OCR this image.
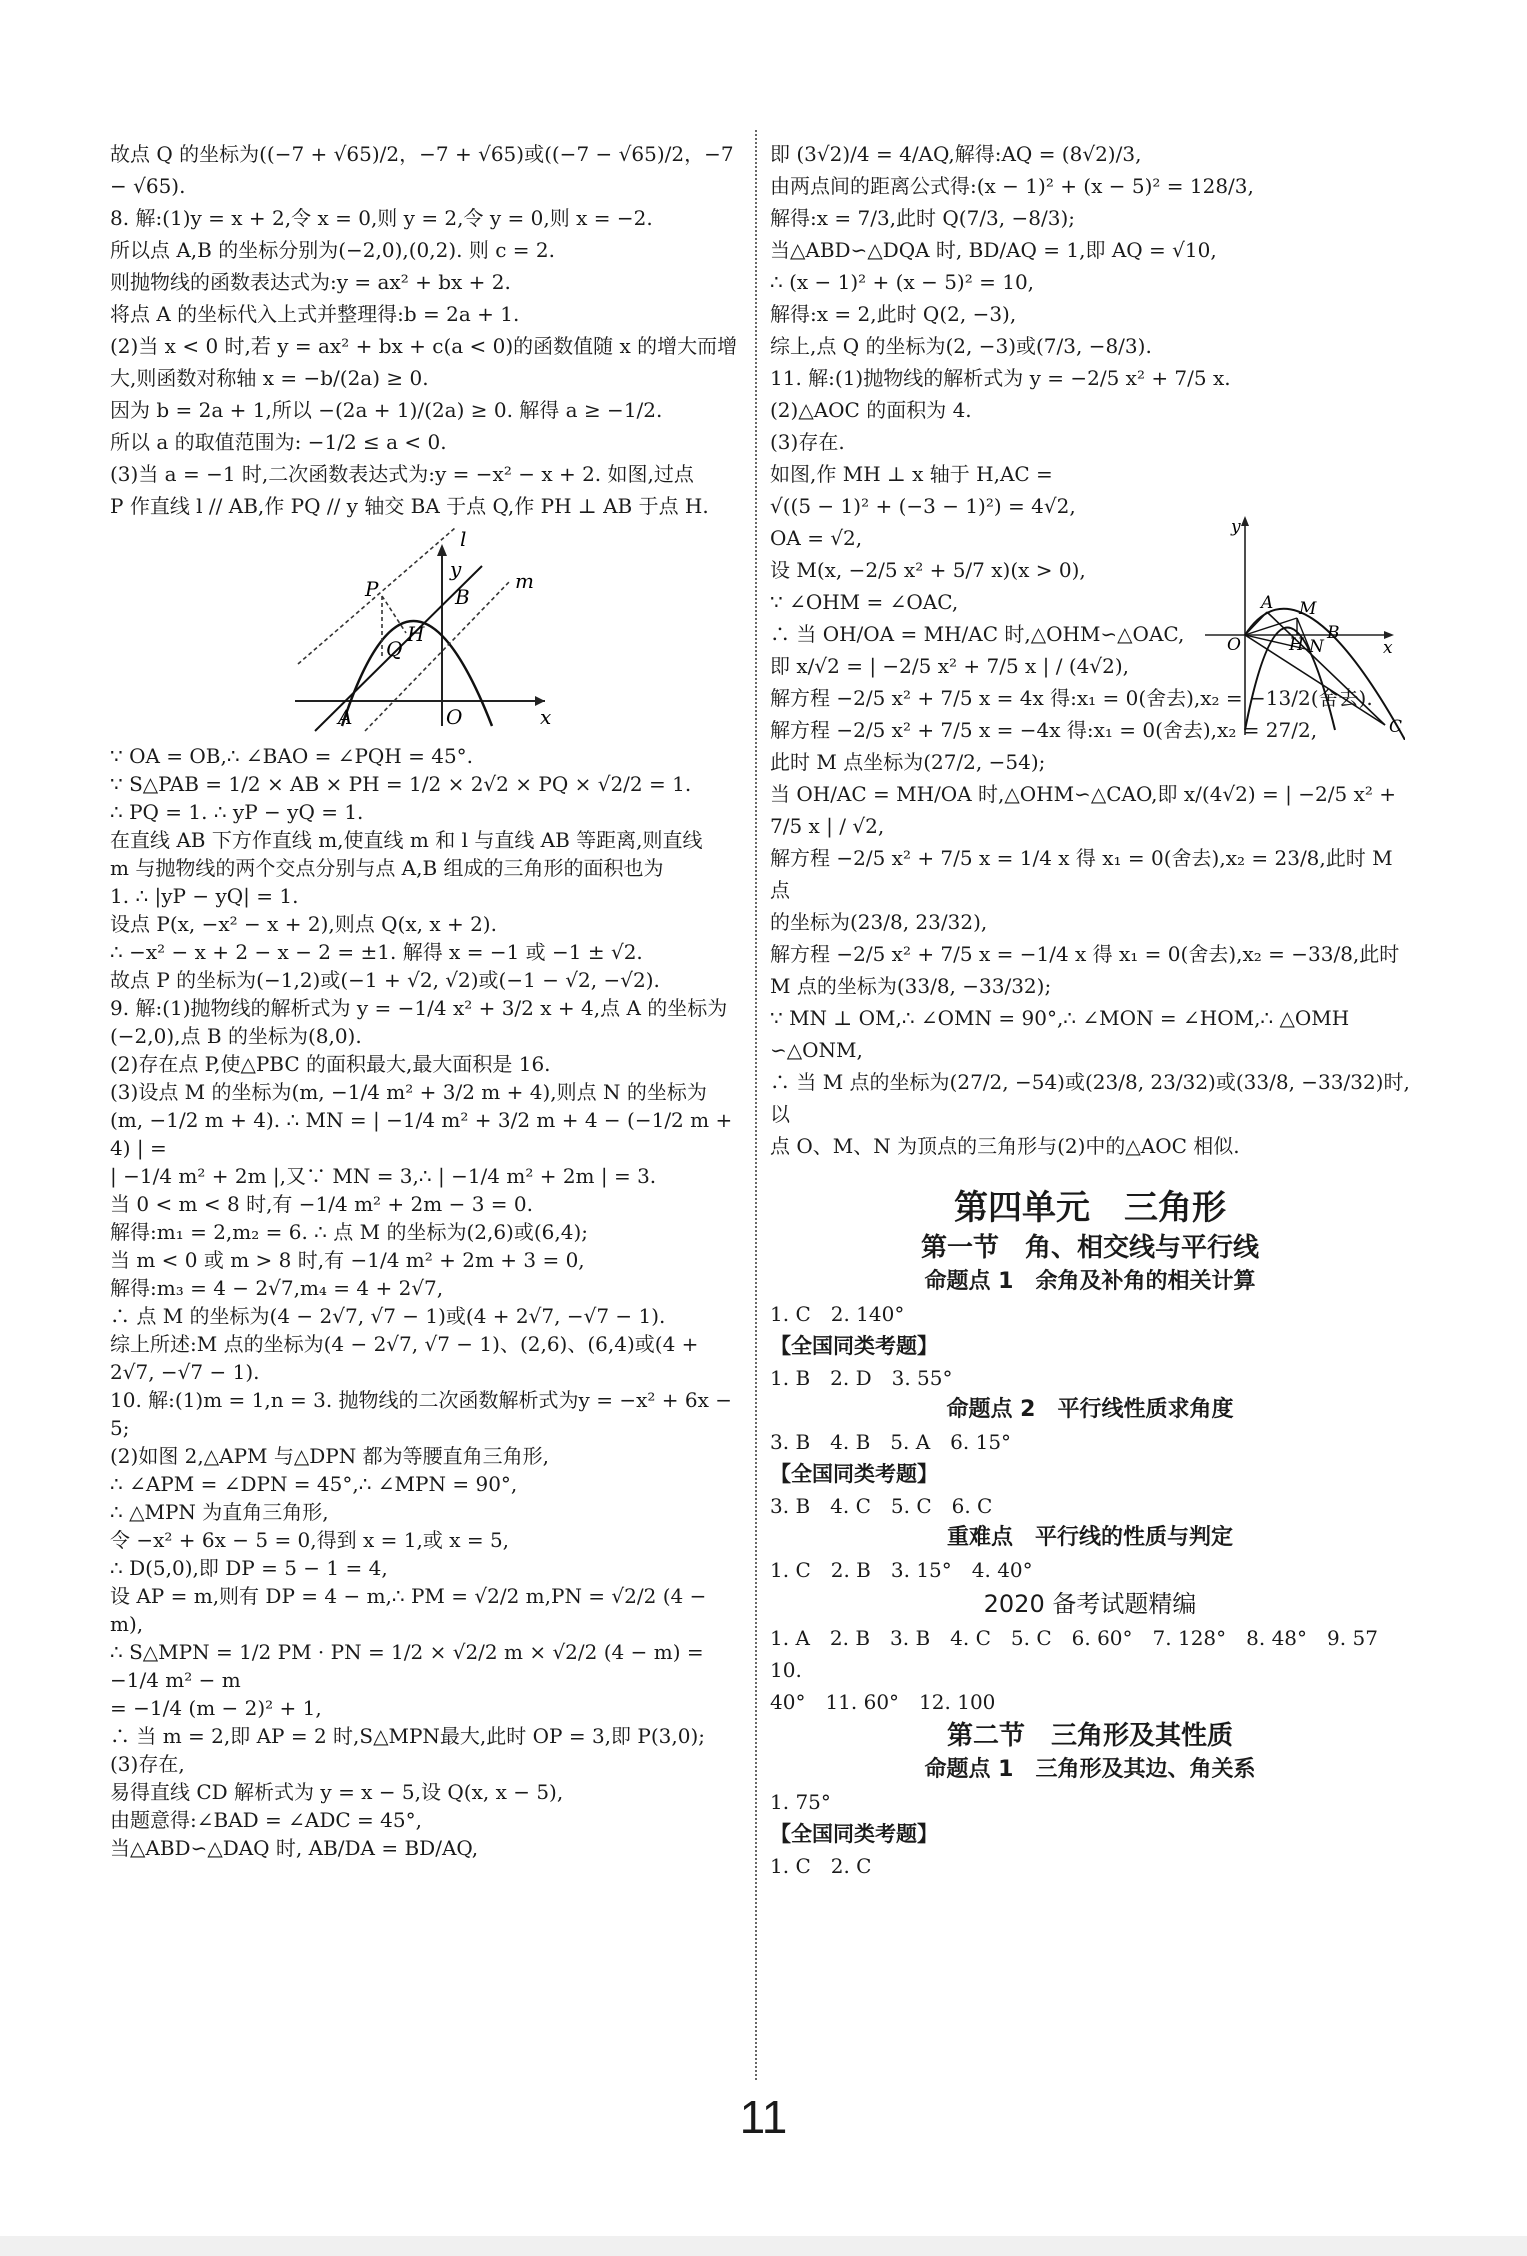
故点 Q 的坐标为((−7 + √65)/2，−7 + √65)或((−7 − √65)/2，−7 − √65).

8. 解:(1)y = x + 2,令 x = 0,则 y = 2,令 y = 0,则 x = −2.

所以点 A,B 的坐标分别为(−2,0),(0,2). 则 c = 2.

则抛物线的函数表达式为:y = ax² + bx + 2.

将点 A 的坐标代入上式并整理得:b = 2a + 1.

(2)当 x < 0 时,若 y = ax² + bx + c(a < 0)的函数值随 x 的增大而增

大,则函数对称轴 x = −b/(2a) ≥ 0.

因为 b = 2a + 1,所以 −(2a + 1)/(2a) ≥ 0. 解得 a ≥ −1/2.

所以 a 的取值范围为: −1/2 ≤ a < 0.

(3)当 a = −1 时,二次函数表达式为:y = −x² − x + 2. 如图,过点

P 作直线 l // AB,作 PQ // y 轴交 BA 于点 Q,作 PH ⊥ AB 于点 H.

l
y	m
P	B
Q
H
A	O	x

∵ OA = OB,∴ ∠BAO = ∠PQH = 45°.

∵ S△PAB = 1/2 × AB × PH = 1/2 × 2√2 × PQ × √2/2 = 1.

∴ PQ = 1. ∴ yP − yQ = 1.

在直线 AB 下方作直线 m,使直线 m 和 l 与直线 AB 等距离,则直线

m 与抛物线的两个交点分别与点 A,B 组成的三角形的面积也为

1. ∴ |yP − yQ| = 1.

设点 P(x, −x² − x + 2),则点 Q(x, x + 2).

∴ −x² − x + 2 − x − 2 = ±1. 解得 x = −1 或 −1 ± √2.

故点 P 的坐标为(−1,2)或(−1 + √2, √2)或(−1 − √2, −√2).

9. 解:(1)抛物线的解析式为 y = −1/4 x² + 3/2 x + 4,点 A 的坐标为

(−2,0),点 B 的坐标为(8,0).

(2)存在点 P,使△PBC 的面积最大,最大面积是 16.

(3)设点 M 的坐标为(m, −1/4 m² + 3/2 m + 4),则点 N 的坐标为

(m, −1/2 m + 4). ∴ MN = | −1/4 m² + 3/2 m + 4 − (−1/2 m + 4) | =

| −1/4 m² + 2m |,又∵ MN = 3,∴ | −1/4 m² + 2m | = 3.

当 0 < m < 8 时,有 −1/4 m² + 2m − 3 = 0.

解得:m₁ = 2,m₂ = 6. ∴ 点 M 的坐标为(2,6)或(6,4);

当 m < 0 或 m > 8 时,有 −1/4 m² + 2m + 3 = 0,

解得:m₃ = 4 − 2√7,m₄ = 4 + 2√7,

∴ 点 M 的坐标为(4 − 2√7, √7 − 1)或(4 + 2√7, −√7 − 1).

综上所述:M 点的坐标为(4 − 2√7, √7 − 1)、(2,6)、(6,4)或(4 +

2√7, −√7 − 1).

10. 解:(1)m = 1,n = 3. 抛物线的二次函数解析式为y = −x² + 6x − 5;

(2)如图 2,△APM 与△DPN 都为等腰直角三角形,

∴ ∠APM = ∠DPN = 45°,∴ ∠MPN = 90°,

∴ △MPN 为直角三角形,

令 −x² + 6x − 5 = 0,得到 x = 1,或 x = 5,

∴ D(5,0),即 DP = 5 − 1 = 4,

设 AP = m,则有 DP = 4 − m,∴ PM = √2/2 m,PN = √2/2 (4 − m),

∴ S△MPN = 1/2 PM · PN = 1/2 × √2/2 m × √2/2 (4 − m) = −1/4 m² − m

= −1/4 (m − 2)² + 1,

∴ 当 m = 2,即 AP = 2 时,S△MPN最大,此时 OP = 3,即 P(3,0);

(3)存在,

易得直线 CD 解析式为 y = x − 5,设 Q(x, x − 5),

由题意得:∠BAD = ∠ADC = 45°,

当△ABD∽△DAQ 时, AB/DA = BD/AQ,

即 (3√2)/4 = 4/AQ,解得:AQ = (8√2)/3,

由两点间的距离公式得:(x − 1)² + (x − 5)² = 128/3,

解得:x = 7/3,此时 Q(7/3, −8/3);

当△ABD∽△DQA 时, BD/AQ = 1,即 AQ = √10,

∴ (x − 1)² + (x − 5)² = 10,

解得:x = 2,此时 Q(2, −3),

综上,点 Q 的坐标为(2, −3)或(7/3, −8/3).

11. 解:(1)抛物线的解析式为 y = −2/5 x² + 7/5 x.

(2)△AOC 的面积为 4.

(3)存在.

如图,作 MH ⊥ x 轴于 H,AC =

√((5 − 1)² + (−3 − 1)²) = 4√2,

OA = √2,

设 M(x, −2/5 x² + 5/7 x)(x > 0),

∵ ∠OHM = ∠OAC,

∴ 当 OH/OA = MH/AC 时,△OHM∽△OAC,

即 x/√2 = | −2/5 x² + 7/5 x | / (4√2),

解方程 −2/5 x² + 7/5 x = 4x 得:x₁ = 0(舍去),x₂ = −13/2(舍去).

解方程 −2/5 x² + 7/5 x = −4x 得:x₁ = 0(舍去),x₂ = 27/2,

此时 M 点坐标为(27/2, −54);

当 OH/AC = MH/OA 时,△OHM∽△CAO,即 x/(4√2) = | −2/5 x² + 7/5 x | / √2,

解方程 −2/5 x² + 7/5 x = 1/4 x 得 x₁ = 0(舍去),x₂ = 23/8,此时 M 点

的坐标为(23/8, 23/32),

解方程 −2/5 x² + 7/5 x = −1/4 x 得 x₁ = 0(舍去),x₂ = −33/8,此时

M 点的坐标为(33/8, −33/32);

∵ MN ⊥ OM,∴ ∠OMN = 90°,∴ ∠MON = ∠HOM,∴ △OMH

∽△ONM,

∴ 当 M 点的坐标为(27/2, −54)或(23/8, 23/32)或(33/8, −33/32)时,以

点 O、M、N 为顶点的三角形与(2)中的△AOC 相似.

A M
B
H N
O	x
y
C
第四单元　三角形
第一节　角、相交线与平行线
命题点 1　余角及补角的相关计算

1. C　2. 140°

【全国同类考题】

1. B　2. D　3. 55°

命题点 2　平行线性质求角度

3. B　4. B　5. A　6. 15°

【全国同类考题】

3. B　4. C　5. C　6. C

重难点　平行线的性质与判定

1. C　2. B　3. 15°　4. 40°

2020 备考试题精编

1. A　2. B　3. B　4. C　5. C　6. 60°　7. 128°　8. 48°　9. 57　10.

40°　11. 60°　12. 100

第二节　三角形及其性质
命题点 1　三角形及其边、角关系

1. 75°

【全国同类考题】

1. C　2. C

11
